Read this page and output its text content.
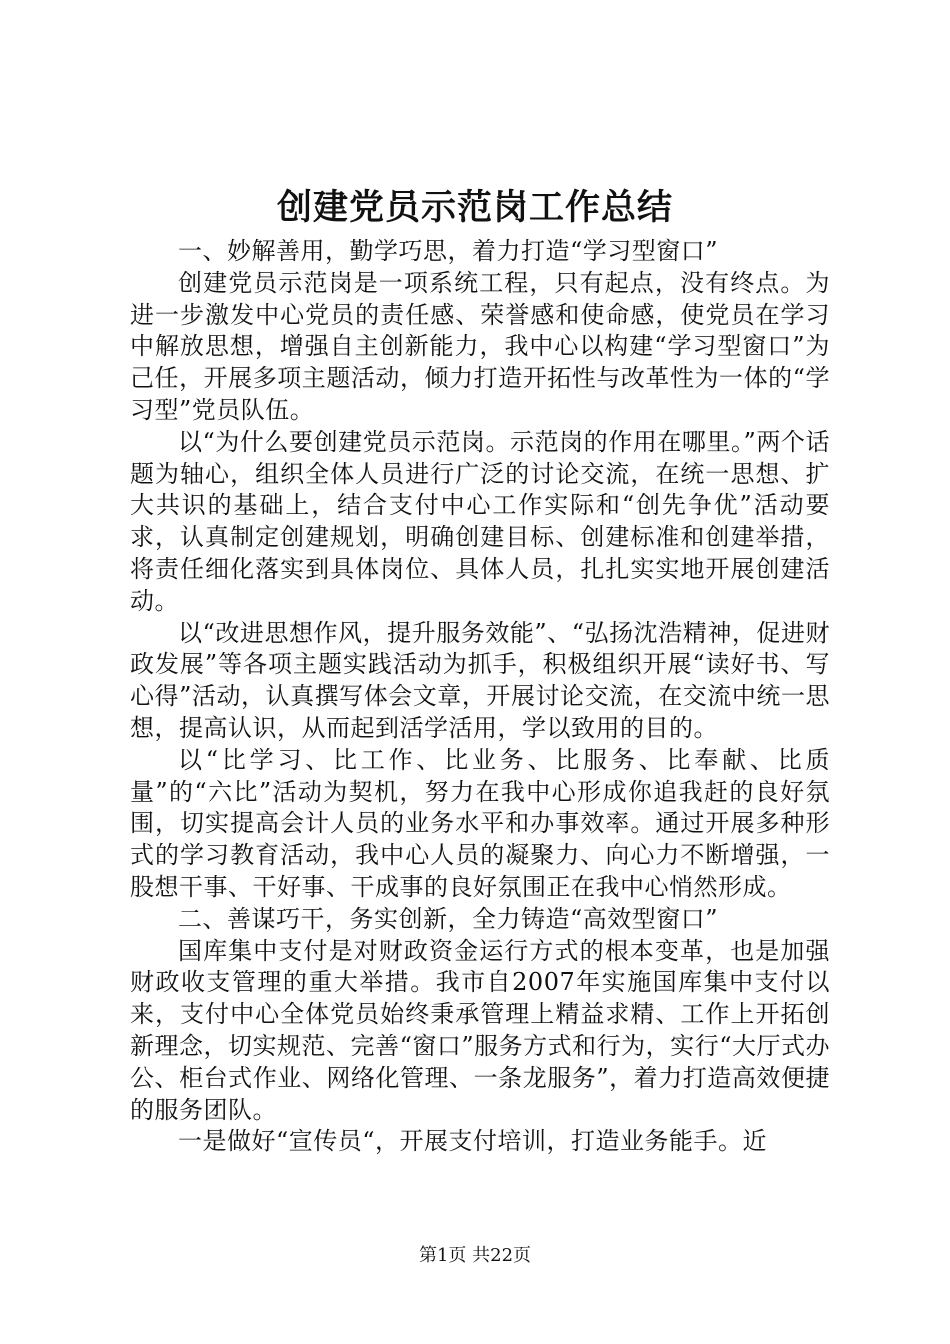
创建党员示范岗工作总结

一、妙解善用，勤学巧思，着力打造“学习型窗口”

创建党员示范岗是一项系统工程，只有起点，没有终点。为进一步激发中心党员的责任感、荣誉感和使命感，使党员在学习中解放思想，增强自主创新能力，我中心以构建“学习型窗口”为己任，开展多项主题活动，倾力打造开拓性与改革性为一体的“学习型”党员队伍。

以“为什么要创建党员示范岗。示范岗的作用在哪里。”两个话题为轴心，组织全体人员进行广泛的讨论交流，在统一思想、扩大共识的基础上，结合支付中心工作实际和“创先争优”活动要求，认真制定创建规划，明确创建目标、创建标准和创建举措，将责任细化落实到具体岗位、具体人员，扎扎实实地开展创建活动。

以“改进思想作风，提升服务效能”、“弘扬沈浩精神，促进财政发展”等各项主题实践活动为抓手，积极组织开展“读好书、写心得”活动，认真撰写体会文章，开展讨论交流，在交流中统一思想，提高认识，从而起到活学活用，学以致用的目的。

以“比学习、比工作、比业务、比服务、比奉献、比质量”的“六比”活动为契机，努力在我中心形成你追我赶的良好氛围，切实提高会计人员的业务水平和办事效率。通过开展多种形式的学习教育活动，我中心人员的凝聚力、向心力不断增强，一股想干事、干好事、干成事的良好氛围正在我中心悄然形成。

二、善谋巧干，务实创新，全力铸造“高效型窗口”

国库集中支付是对财政资金运行方式的根本变革，也是加强财政收支管理的重大举措。我市自2007年实施国库集中支付以来，支付中心全体党员始终秉承管理上精益求精、工作上开拓创新理念，切实规范、完善“窗口”服务方式和行为，实行“大厅式办公、柜台式作业、网络化管理、一条龙服务”，着力打造高效便捷的服务团队。

一是做好“宣传员“，开展支付培训，打造业务能手。近

第1页 共22页
